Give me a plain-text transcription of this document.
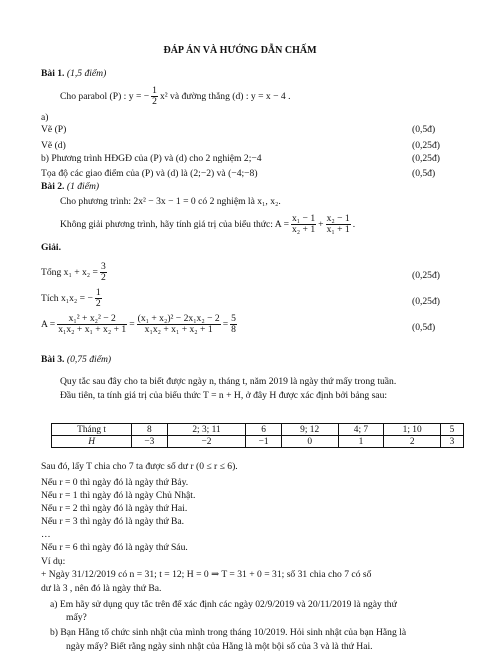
ĐÁP ÁN VÀ HƯỚNG DẪN CHẤM
Bài 1. (1,5 điểm)
Cho parabol (P) : y = − $\frac{1}{2} x^2$ và đường thẳng (d) : y = x − 4 .
a)
Vẽ (P)	(0,5đ)
Vẽ (d)	(0,25đ)
b) Phương trình HĐGĐ của (P) và (d) cho 2 nghiệm 2;−4	(0,25đ)
Tọa độ các giao điểm của (P) và (d) là (2;−2) và (−4;−8)	(0,5đ)
Bài 2. (1 điểm)
Cho phương trình: 2x² − 3x − 1 = 0 có 2 nghiệm là x₁, x₂.
Không giải phương trình, hãy tính giá trị của biểu thức: $A = \frac{\text{x₁ − 1}}{\text{x₂ + 1}} + \frac{\text{x₂ − 1}}{\text{x₁ + 1}}$ .
Giải.
Tổng $x_1 + x_2 = \frac{3}{2}$	(0,25đ)
Tích x₁x₂ = − $\frac{1}{2}$	(0,25đ)
$A = \frac{\text{x₁² + x₂² − 2}}{\text{x₁x₂ + x₁ + x₂ + 1}} = \frac{\text{(x₁ + x₂)² − 2x₁x₂ − 2}}{\text{x₁x₂ + x₁ + x₂ + 1}} = \frac{5}{8}$	(0,5đ)
Bài 3. (0,75 điểm)
Quy tắc sau đây cho ta biết được ngày n, tháng t, năm 2019 là ngày thứ mấy trong tuần.
Đầu tiên, ta tính giá trị của biểu thức T = n + H, ở đây H được xác định bởi bảng sau:
Tháng t	8	2; 3; 11	6	9; 12	4; 7	1; 10	5
H	−3	−2	−1	0	1	2	3
Sau đó, lấy T chia cho 7 ta được số dư r (0 ≤ r ≤ 6).
Nếu r = 0 thì ngày đó là ngày thứ Bảy.
Nếu r = 1 thì ngày đó là ngày Chủ Nhật.
Nếu r = 2 thì ngày đó là ngày thứ Hai.
Nếu r = 3 thì ngày đó là ngày thứ Ba.
…
Nếu r = 6 thì ngày đó là ngày thứ Sáu.
Ví dụ:
+ Ngày 31/12/2019 có n = 31; t = 12; H = 0 ⇒ T = 31 + 0 = 31; số 31 chia cho 7 có số
dư là 3 , nên đó là ngày thứ Ba.
a) Em hãy sử dụng quy tắc trên để xác định các ngày 02/9/2019 và 20/11/2019 là ngày thứ
mấy?
b) Bạn Hằng tổ chức sinh nhật của mình trong tháng 10/2019. Hỏi sinh nhật của bạn Hằng là
ngày mấy? Biết rằng ngày sinh nhật của Hằng là một bội số của 3 và là thứ Hai.
